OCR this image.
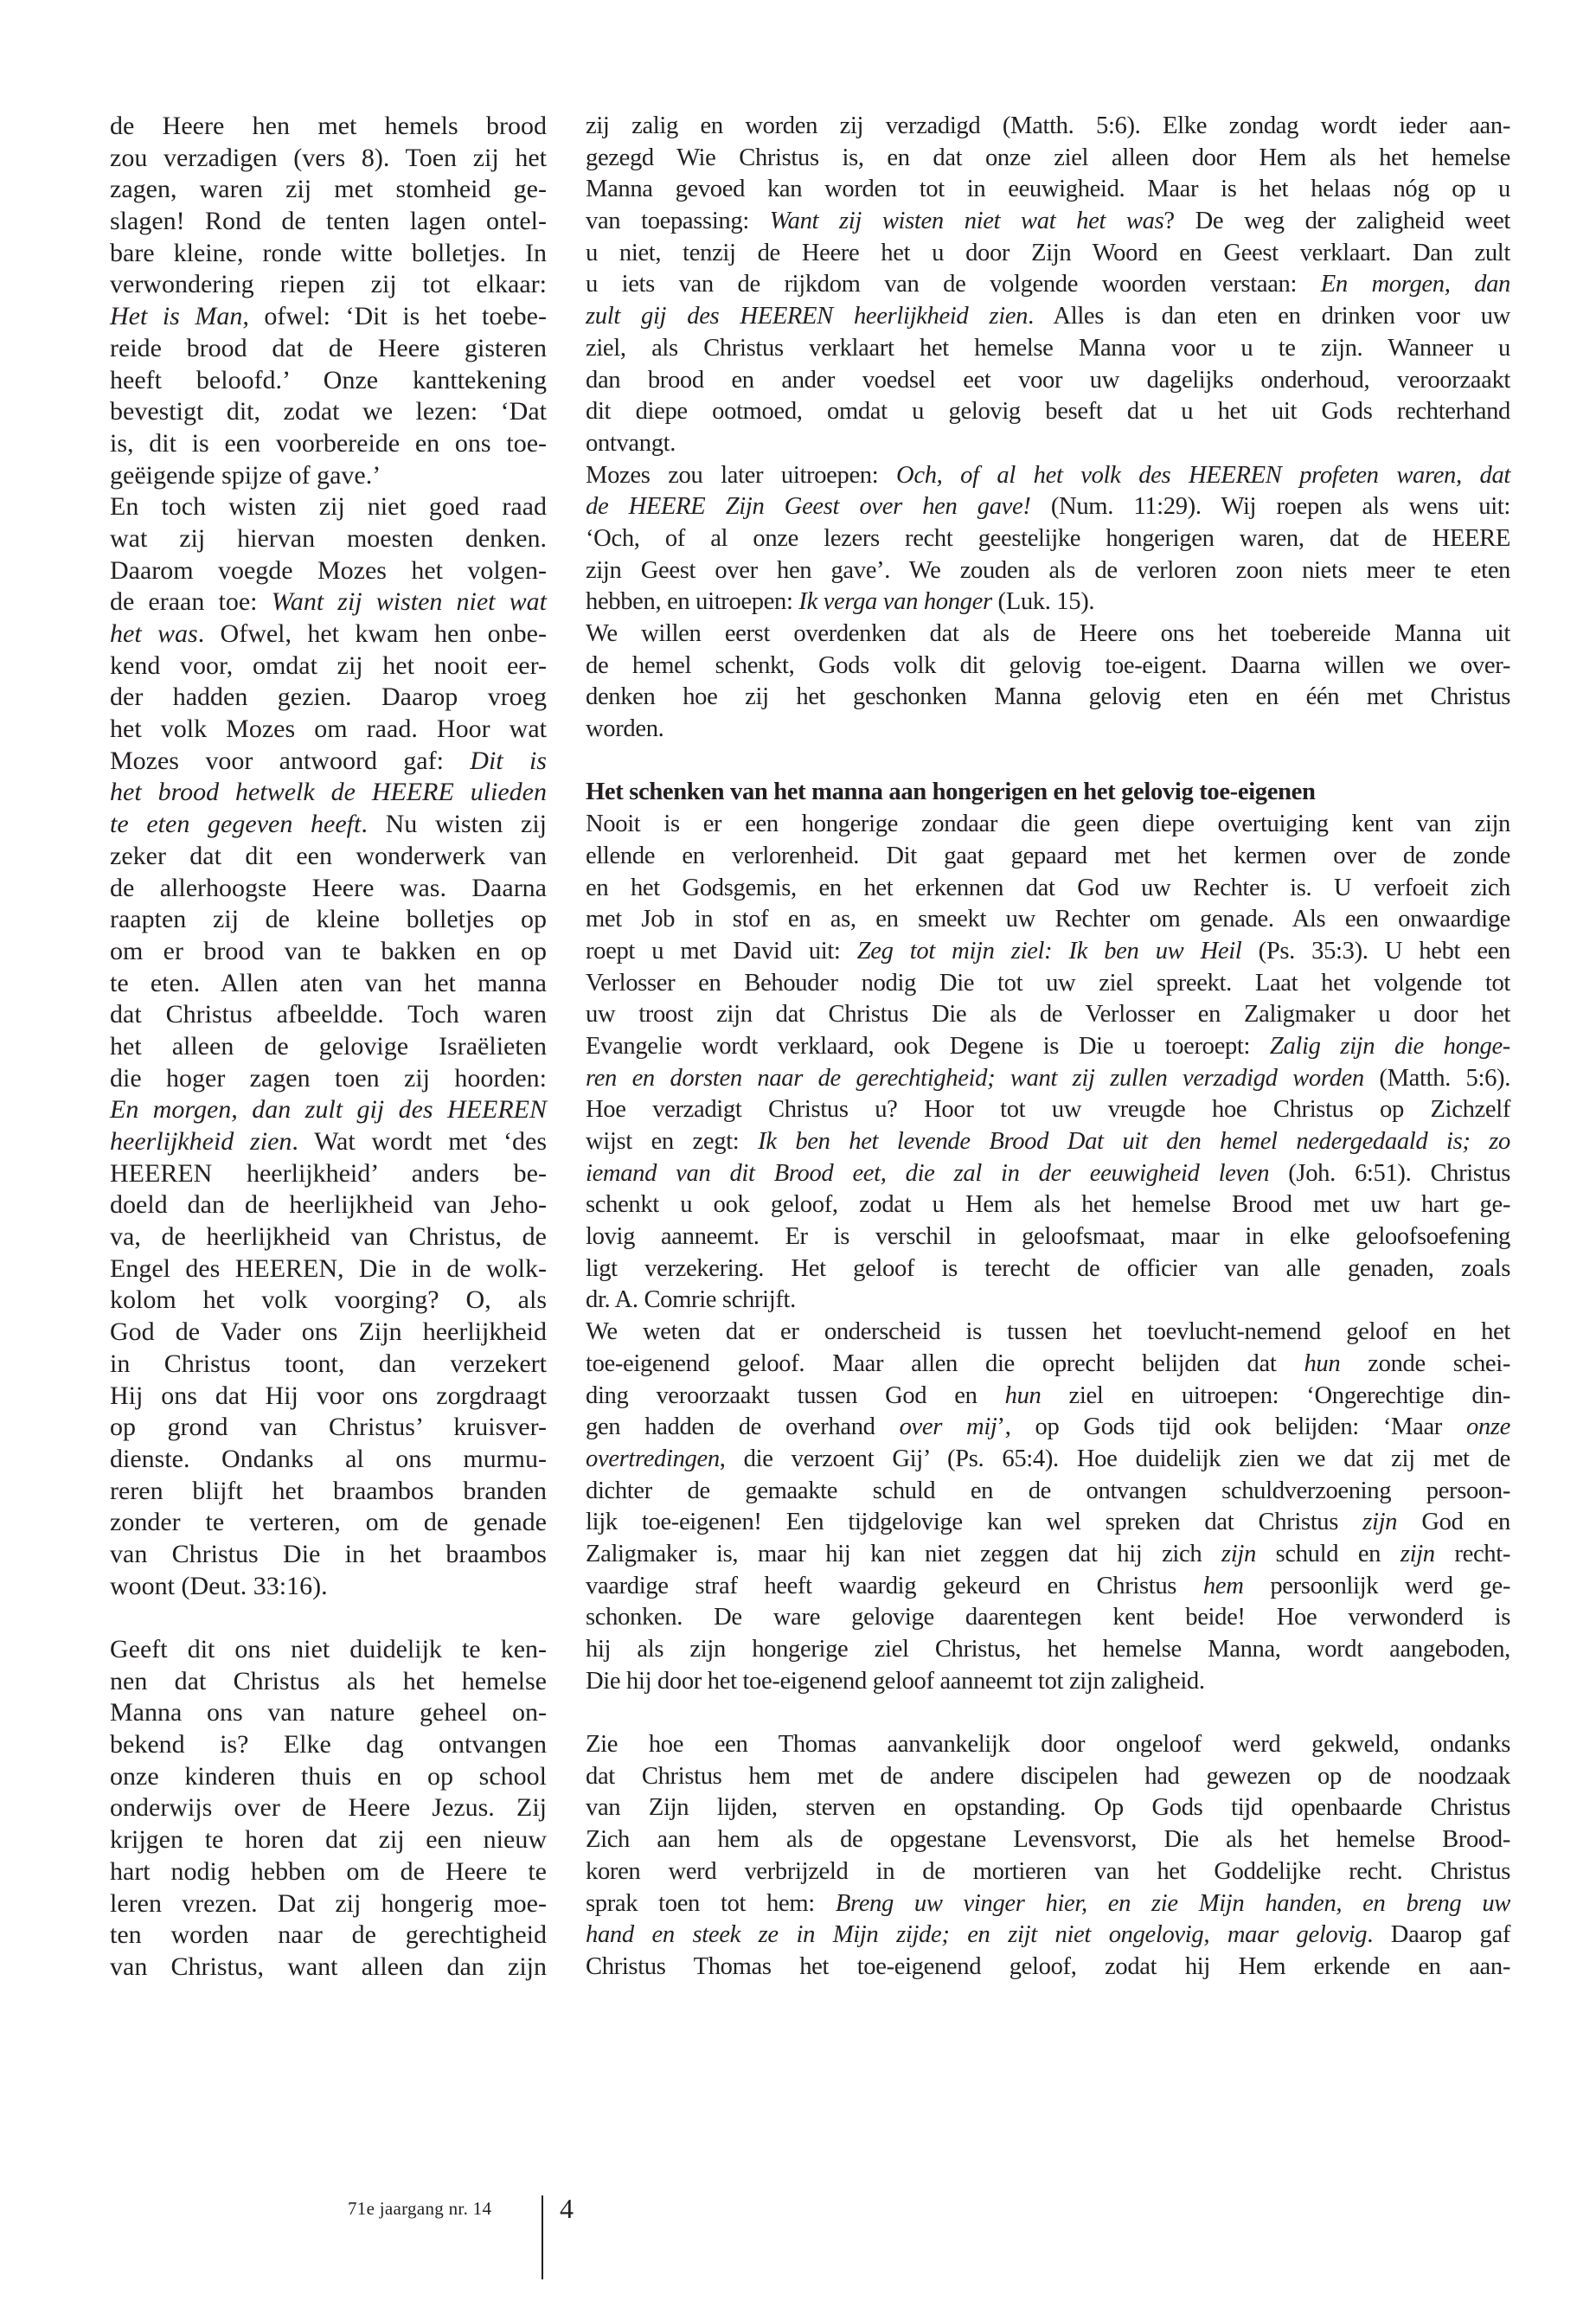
de Heere hen met hemels brood
zou verzadigen (vers 8). Toen zij het
zagen, waren zij met stomheid ge-
slagen! Rond de tenten lagen ontel-
bare kleine, ronde witte bolletjes. In
verwondering riepen zij tot elkaar:
Het is Man, ofwel: ‘Dit is het toebe-
reide brood dat de Heere gisteren
heeft beloofd.’ Onze kanttekening
bevestigt dit, zodat we lezen: ‘Dat
is, dit is een voorbereide en ons toe-
geëigende spijze of gave.’
En toch wisten zij niet goed raad
wat zij hiervan moesten denken.
Daarom voegde Mozes het volgen-
de eraan toe: Want zij wisten niet wat
het was. Ofwel, het kwam hen onbe-
kend voor, omdat zij het nooit eer-
der hadden gezien. Daarop vroeg
het volk Mozes om raad. Hoor wat
Mozes voor antwoord gaf: Dit is
het brood hetwelk de HEERE ulieden
te eten gegeven heeft. Nu wisten zij
zeker dat dit een wonderwerk van
de allerhoogste Heere was. Daarna
raapten zij de kleine bolletjes op
om er brood van te bakken en op
te eten. Allen aten van het manna
dat Christus afbeeldde. Toch waren
het alleen de gelovige Israëlieten
die hoger zagen toen zij hoorden:
En morgen, dan zult gij des HEEREN
heerlijkheid zien. Wat wordt met ‘des
HEEREN heerlijkheid’ anders be-
doeld dan de heerlijkheid van Jeho-
va, de heerlijkheid van Christus, de
Engel des HEEREN, Die in de wolk-
kolom het volk voorging? O, als
God de Vader ons Zijn heerlijkheid
in Christus toont, dan verzekert
Hij ons dat Hij voor ons zorgdraagt
op grond van Christus’ kruisver-
dienste. Ondanks al ons murmu-
reren blijft het braambos branden
zonder te verteren, om de genade
van Christus Die in het braambos
woont (Deut. 33:16).
Geeft dit ons niet duidelijk te ken-
nen dat Christus als het hemelse
Manna ons van nature geheel on-
bekend is? Elke dag ontvangen
onze kinderen thuis en op school
onderwijs over de Heere Jezus. Zij
krijgen te horen dat zij een nieuw
hart nodig hebben om de Heere te
leren vrezen. Dat zij hongerig moe-
ten worden naar de gerechtigheid
van Christus, want alleen dan zijn
zij zalig en worden zij verzadigd (Matth. 5:6). Elke zondag wordt ieder aan-
gezegd Wie Christus is, en dat onze ziel alleen door Hem als het hemelse
Manna gevoed kan worden tot in eeuwigheid. Maar is het helaas nóg op u
van toepassing: Want zij wisten niet wat het was? De weg der zaligheid weet
u niet, tenzij de Heere het u door Zijn Woord en Geest verklaart. Dan zult
u iets van de rijkdom van de volgende woorden verstaan: En morgen, dan
zult gij des HEEREN heerlijkheid zien. Alles is dan eten en drinken voor uw
ziel, als Christus verklaart het hemelse Manna voor u te zijn. Wanneer u
dan brood en ander voedsel eet voor uw dagelijks onderhoud, veroorzaakt
dit diepe ootmoed, omdat u gelovig beseft dat u het uit Gods rechterhand
ontvangt.
Mozes zou later uitroepen: Och, of al het volk des HEEREN profeten waren, dat
de HEERE Zijn Geest over hen gave! (Num. 11:29). Wij roepen als wens uit:
‘Och, of al onze lezers recht geestelijke hongerigen waren, dat de HEERE
zijn Geest over hen gave’. We zouden als de verloren zoon niets meer te eten
hebben, en uitroepen: Ik verga van honger (Luk. 15).
We willen eerst overdenken dat als de Heere ons het toebereide Manna uit
de hemel schenkt, Gods volk dit gelovig toe-eigent. Daarna willen we over-
denken hoe zij het geschonken Manna gelovig eten en één met Christus
worden.
Het schenken van het manna aan hongerigen en het gelovig toe-eigenen
Nooit is er een hongerige zondaar die geen diepe overtuiging kent van zijn
ellende en verlorenheid. Dit gaat gepaard met het kermen over de zonde
en het Godsgemis, en het erkennen dat God uw Rechter is. U verfoeit zich
met Job in stof en as, en smeekt uw Rechter om genade. Als een onwaardige
roept u met David uit: Zeg tot mijn ziel: Ik ben uw Heil (Ps. 35:3). U hebt een
Verlosser en Behouder nodig Die tot uw ziel spreekt. Laat het volgende tot
uw troost zijn dat Christus Die als de Verlosser en Zaligmaker u door het
Evangelie wordt verklaard, ook Degene is Die u toeroept: Zalig zijn die honge-
ren en dorsten naar de gerechtigheid; want zij zullen verzadigd worden (Matth. 5:6).
Hoe verzadigt Christus u? Hoor tot uw vreugde hoe Christus op Zichzelf
wijst en zegt: Ik ben het levende Brood Dat uit den hemel nedergedaald is; zo
iemand van dit Brood eet, die zal in der eeuwigheid leven (Joh. 6:51). Christus
schenkt u ook geloof, zodat u Hem als het hemelse Brood met uw hart ge-
lovig aanneemt. Er is verschil in geloofsmaat, maar in elke geloofsoefening
ligt verzekering. Het geloof is terecht de officier van alle genaden, zoals
dr. A. Comrie schrijft.
We weten dat er onderscheid is tussen het toevlucht-nemend geloof en het
toe-eigenend geloof. Maar allen die oprecht belijden dat hun zonde schei-
ding veroorzaakt tussen God en hun ziel en uitroepen: ‘Ongerechtige din-
gen hadden de overhand over mij’, op Gods tijd ook belijden: ‘Maar onze
overtredingen, die verzoent Gij’ (Ps. 65:4). Hoe duidelijk zien we dat zij met de
dichter de gemaakte schuld en de ontvangen schuldverzoening persoon-
lijk toe-eigenen! Een tijdgelovige kan wel spreken dat Christus zijn God en
Zaligmaker is, maar hij kan niet zeggen dat hij zich zijn schuld en zijn recht-
vaardige straf heeft waardig gekeurd en Christus hem persoonlijk werd ge-
schonken. De ware gelovige daarentegen kent beide! Hoe verwonderd is
hij als zijn hongerige ziel Christus, het hemelse Manna, wordt aangeboden,
Die hij door het toe-eigenend geloof aanneemt tot zijn zaligheid.
Zie hoe een Thomas aanvankelijk door ongeloof werd gekweld, ondanks
dat Christus hem met de andere discipelen had gewezen op de noodzaak
van Zijn lijden, sterven en opstanding. Op Gods tijd openbaarde Christus
Zich aan hem als de opgestane Levensvorst, Die als het hemelse Brood-
koren werd verbrijzeld in de mortieren van het Goddelijke recht. Christus
sprak toen tot hem: Breng uw vinger hier, en zie Mijn handen, en breng uw
hand en steek ze in Mijn zijde; en zijt niet ongelovig, maar gelovig. Daarop gaf
Christus Thomas het toe-eigenend geloof, zodat hij Hem erkende en aan-
71e jaargang nr. 14 4
